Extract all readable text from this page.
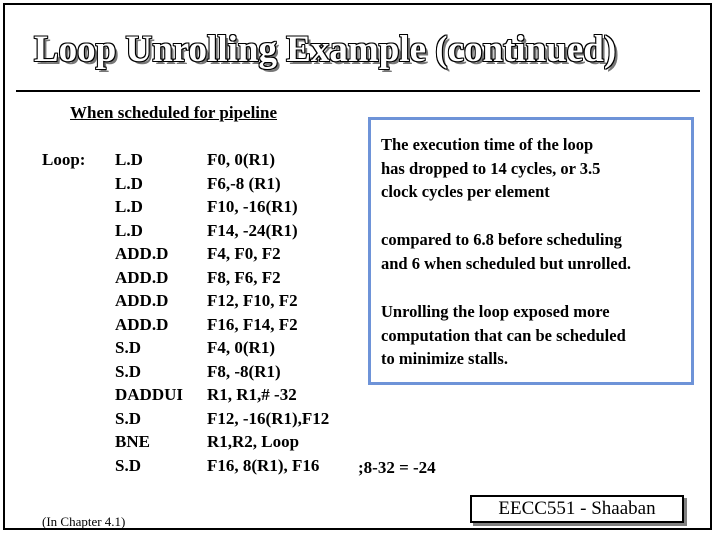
Loop Unrolling Example (continued)
When scheduled for pipeline
Loop: L.D
L.D
L.D
L.D
ADD.D
ADD.D
ADD.D
ADD.D
S.D
S.D
DADDUI
S.D
BNE
S.D
F0, 0(R1)
F6,-8 (R1)
F10, -16(R1)
F14, -24(R1)
F4, F0, F2
F8, F6, F2
F12, F10, F2
F16, F14, F2
F4, 0(R1)
F8, -8(R1)
R1, R1,# -32
F12, -16(R1),F12
R1,R2, Loop
F16, 8(R1), F16	;8-32 = -24
The execution time of the loop
has dropped to 14 cycles, or 3.5
clock cycles per element
compared to 6.8 before scheduling
and 6 when scheduled but unrolled.
Unrolling the loop exposed more
computation that can be scheduled
to minimize stalls.
(In Chapter 4.1)
EECC551 - Shaaban
